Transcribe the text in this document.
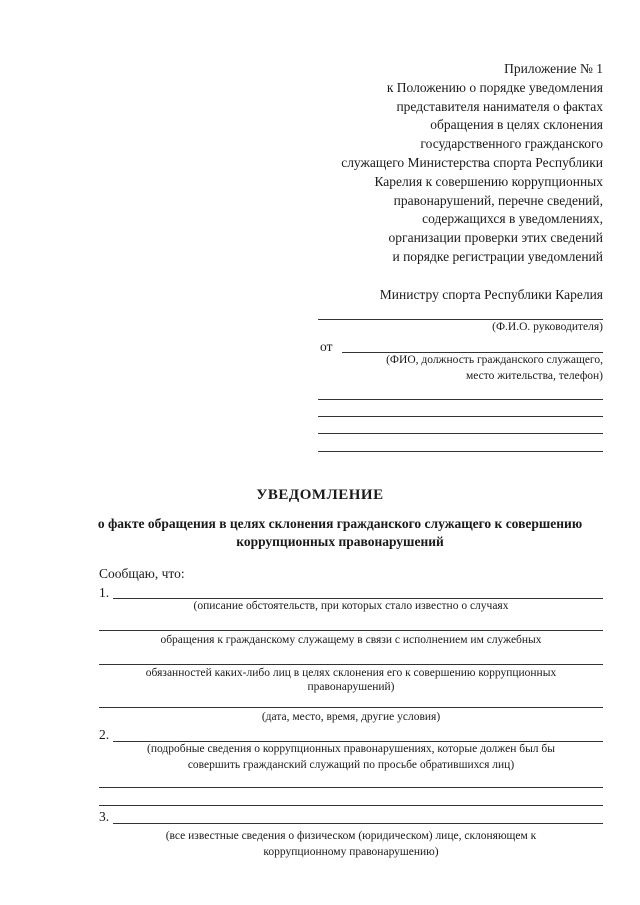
Приложение № 1
к Положению о порядке уведомления
представителя нанимателя о фактах
обращения в целях склонения
государственного гражданского
служащего Министерства спорта Республики
Карелия к совершению коррупционных
правонарушений, перечне сведений,
содержащихся в уведомлениях,
организации проверки этих сведений
и порядке регистрации уведомлений
Министру спорта Республики Карелия
(Ф.И.О. руководителя)
от
(ФИО, должность гражданского служащего,
место жительства, телефон)
УВЕДОМЛЕНИЕ
о факте обращения в целях склонения гражданского служащего к совершению коррупционных правонарушений
Сообщаю, что:
1.
(описание обстоятельств, при которых стало известно о случаях
обращения к гражданскому служащему в связи с исполнением им служебных
обязанностей каких-либо лиц в целях склонения его к совершению коррупционных
правонарушений)
(дата, место, время, другие условия)
2.
(подробные сведения о коррупционных правонарушениях, которые должен был бы
совершить гражданский служащий по просьбе обратившихся лиц)
3.
(все известные сведения о физическом (юридическом) лице, склоняющем к
коррупционному правонарушению)
